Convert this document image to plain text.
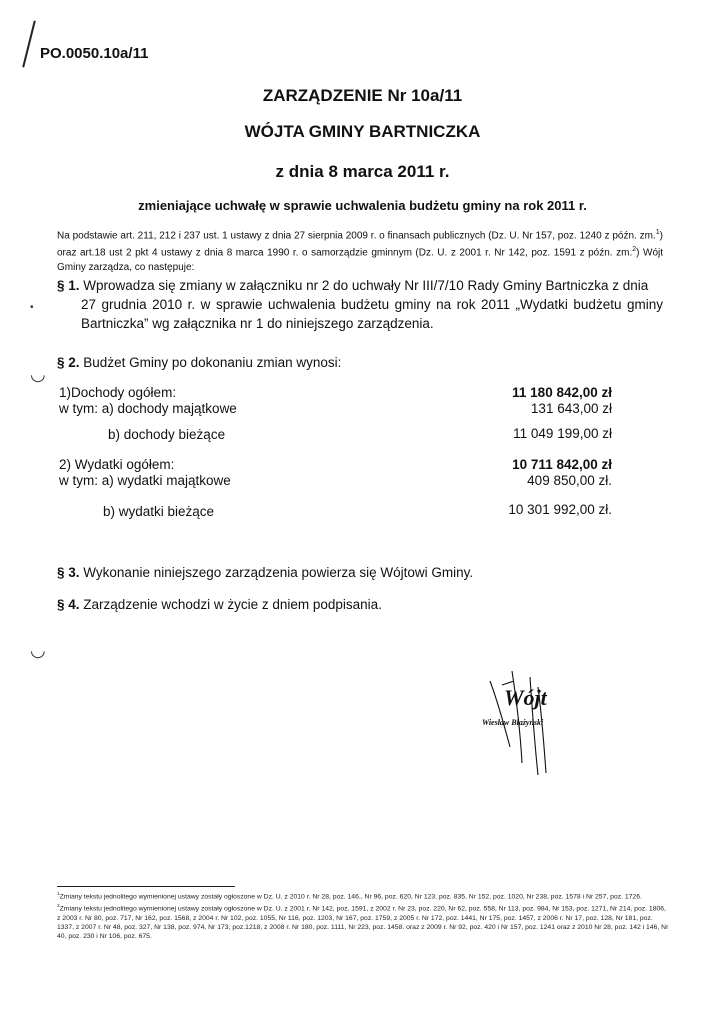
PO.0050.10a/11
ZARZĄDZENIE Nr 10a/11
WÓJTA GMINY BARTNICZKA
z dnia 8 marca 2011 r.
zmieniające uchwałę w sprawie uchwalenia budżetu gminy na rok 2011 r.
Na podstawie art. 211, 212 i 237 ust. 1 ustawy z dnia 27 sierpnia 2009 r. o finansach publicznych (Dz. U. Nr 157, poz. 1240 z późn. zm.$^1$) oraz art.18 ust 2 pkt 4 ustawy z dnia 8 marca 1990 r. o samorządzie gminnym (Dz. U. z 2001 r. Nr 142, poz. 1591 z późn. zm.$^2$) Wójt Gminy zarządza, co następuje:
§ 1. Wprowadza się zmiany w załączniku nr 2 do uchwały Nr III/7/10 Rady Gminy Bartniczka z dnia
27 grudnia 2010 r. w sprawie uchwalenia budżetu gminy na rok 2011 „Wydatki budżetu gminy Bartniczka” wg załącznika nr 1 do niniejszego zarządzenia.
•
◡
§ 2. Budżet Gminy po dokonaniu zmian wynosi:
1)Dochody ogółem:	11 180 842,00 zł
w tym: a) dochody majątkowe	131 643,00 zł
b) dochody bieżące	11 049 199,00 zł
2) Wydatki ogółem:	10 711 842,00 zł
w tym: a) wydatki majątkowe	409 850,00 zł.
b) wydatki bieżące	10 301 992,00 zł.
§ 3. Wykonanie niniejszego zarządzenia powierza się Wójtowi Gminy.
§ 4. Zarządzenie wchodzi w życie z dniem podpisania.
◡
Wójt
Wiesław Błażyński

$^1$Zmiany tekstu jednolitego wymienionej ustawy zostały ogłoszone w Dz. U. z 2010 r. Nr 28, poz. 146., Nr 96, poz. 620, Nr 123, poz. 835, Nr 152, poz. 1020, Nr 238, poz. 1578 i Nr 257, poz. 1726.

$^2$Zmiany tekstu jednolitego wymienionej ustawy zostały ogłoszone w Dz. U. z 2001 r. Nr 142, poz. 1591, z 2002 r. Nr 23, poz. 220, Nr 62, poz. 558, Nr 113, poz. 984, Nr 153, poz. 1271, Nr 214, poz. 1806, z 2003 r. Nr 80, poz. 717, Nr 162, poz. 1568, z 2004 r. Nr 102, poz. 1055, Nr 116, poz. 1203, Nr 167, poz. 1759, z 2005 r. Nr 172, poz. 1441, Nr 175, poz. 1457, z 2006 r. Nr 17, poz. 128, Nr 181, poz. 1337, z 2007 r. Nr 48, poz. 327, Nr 138, poz. 974, Nr 173, poz.1218, z 2008 r. Nr 180, poz. 1111, Nr 223, poz. 1458. oraz z 2009 r. Nr 92, poz. 420 i Nr 157, poz. 1241 oraz z 2010 Nr 28, poz. 142 i 146, Nr 40, poz. 230 i Nr 106, poz. 675.
